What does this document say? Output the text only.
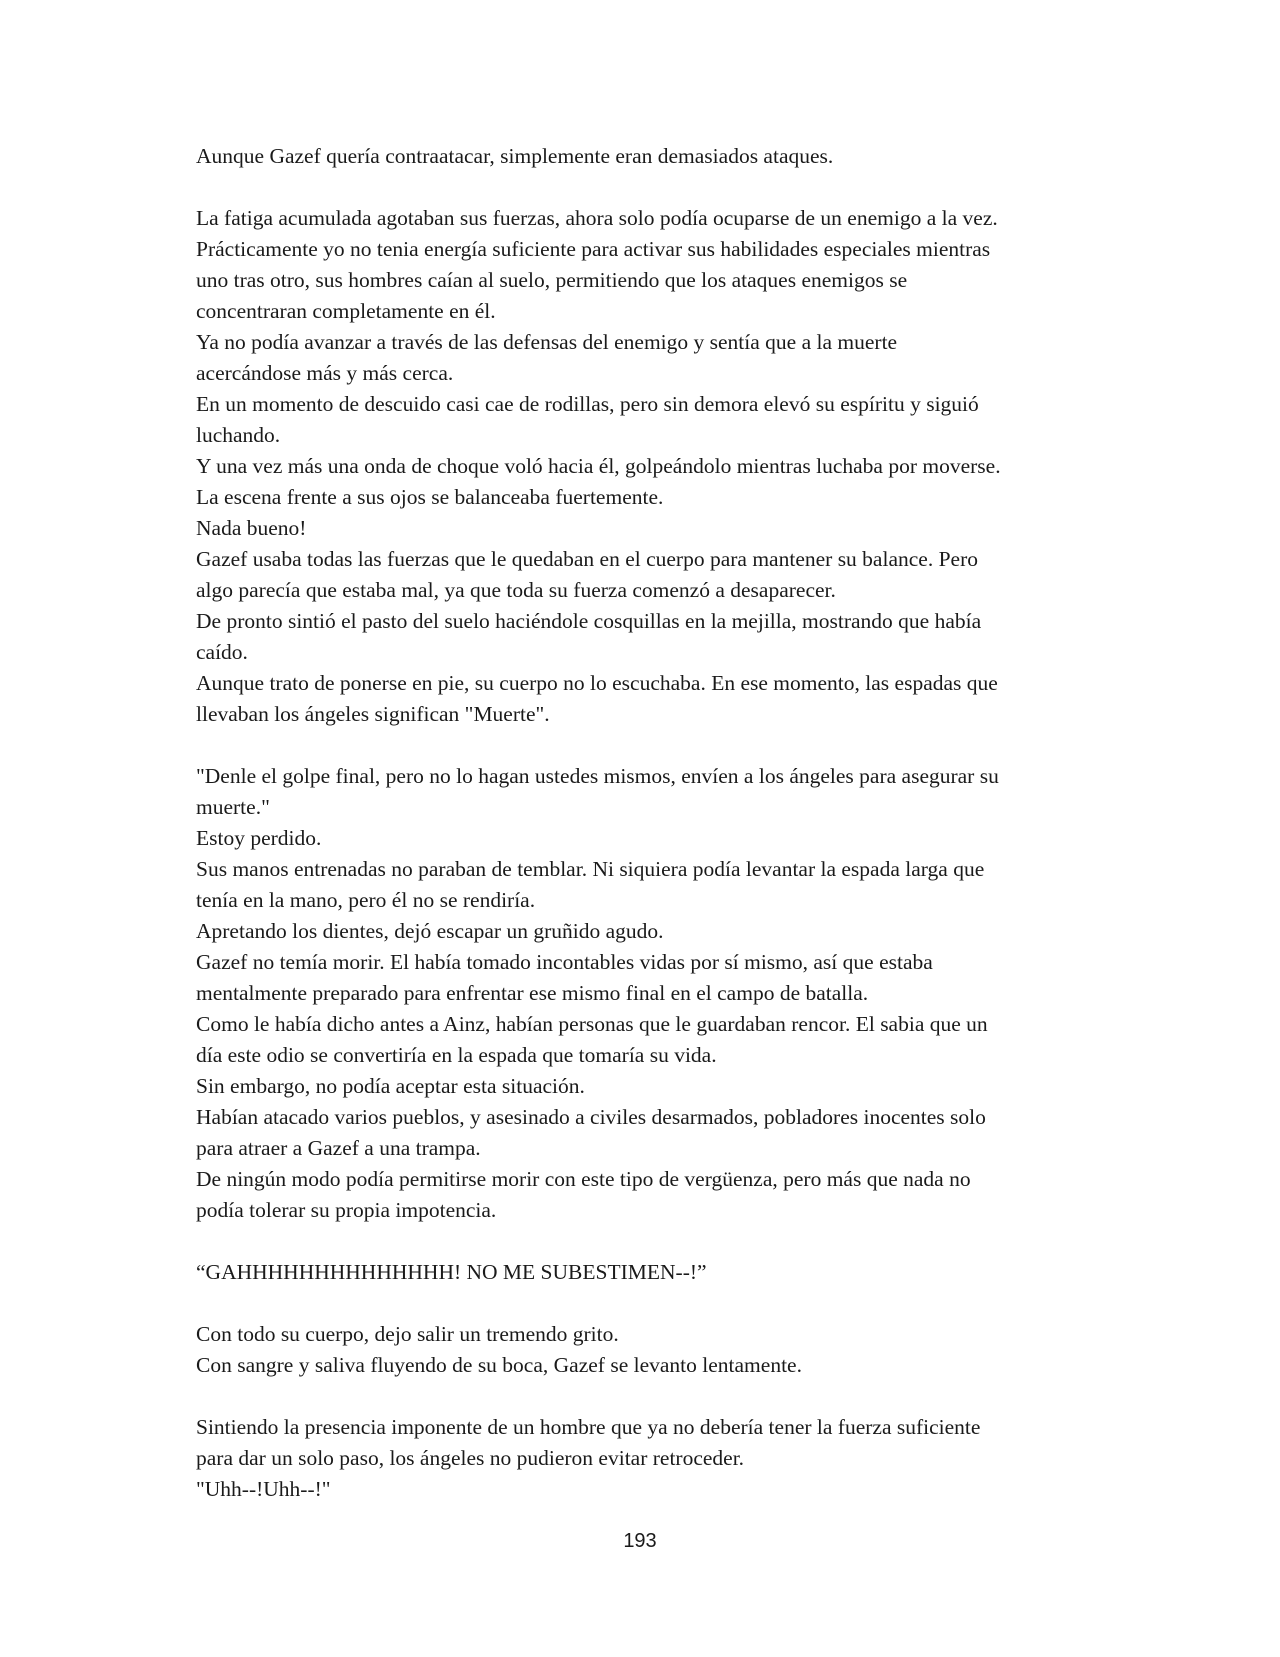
Aunque Gazef quería contraatacar, simplemente eran demasiados ataques.

La fatiga acumulada agotaban sus fuerzas, ahora solo podía ocuparse de un enemigo a la vez.

Prácticamente yo no tenia energía suficiente para activar sus habilidades especiales mientras

uno tras otro, sus hombres caían al suelo, permitiendo que los ataques enemigos se

concentraran completamente en él.

Ya no podía avanzar a través de las defensas del enemigo y sentía que a la muerte

acercándose más y más cerca.

En un momento de descuido casi cae de rodillas, pero sin demora elevó su espíritu y siguió

luchando.

Y una vez más una onda de choque voló hacia él, golpeándolo mientras luchaba por moverse.

La escena frente a sus ojos se balanceaba fuertemente.

Nada bueno!

Gazef usaba todas las fuerzas que le quedaban en el cuerpo para mantener su balance. Pero

algo parecía que estaba mal, ya que toda su fuerza comenzó a desaparecer.

De pronto sintió el pasto del suelo haciéndole cosquillas en la mejilla, mostrando que había

caído.

Aunque trato de ponerse en pie, su cuerpo no lo escuchaba. En ese momento, las espadas que

llevaban los ángeles significan "Muerte".

"Denle el golpe final, pero no lo hagan ustedes mismos, envíen a los ángeles para asegurar su

muerte."

Estoy perdido.

Sus manos entrenadas no paraban de temblar. Ni siquiera podía levantar la espada larga que

tenía en la mano, pero él no se rendiría.

Apretando los dientes, dejó escapar un gruñido agudo.

Gazef no temía morir. El había tomado incontables vidas por sí mismo, así que estaba

mentalmente preparado para enfrentar ese mismo final en el campo de batalla.

Como le había dicho antes a Ainz, habían personas que le guardaban rencor. El sabia que un

día este odio se convertiría en la espada que tomaría su vida.

Sin embargo, no podía aceptar esta situación.

Habían atacado varios pueblos, y asesinado a civiles desarmados, pobladores inocentes solo

para atraer a Gazef a una trampa.

De ningún modo podía permitirse morir con este tipo de vergüenza, pero más que nada no

podía tolerar su propia impotencia.

“GAHHHHHHHHHHHHHH! NO ME SUBESTIMEN--!”

Con todo su cuerpo, dejo salir un tremendo grito.

Con sangre y saliva fluyendo de su boca, Gazef se levanto lentamente.

Sintiendo la presencia imponente de un hombre que ya no debería tener la fuerza suficiente

para dar un solo paso, los ángeles no pudieron evitar retroceder.

"Uhh--!Uhh--!"

193
